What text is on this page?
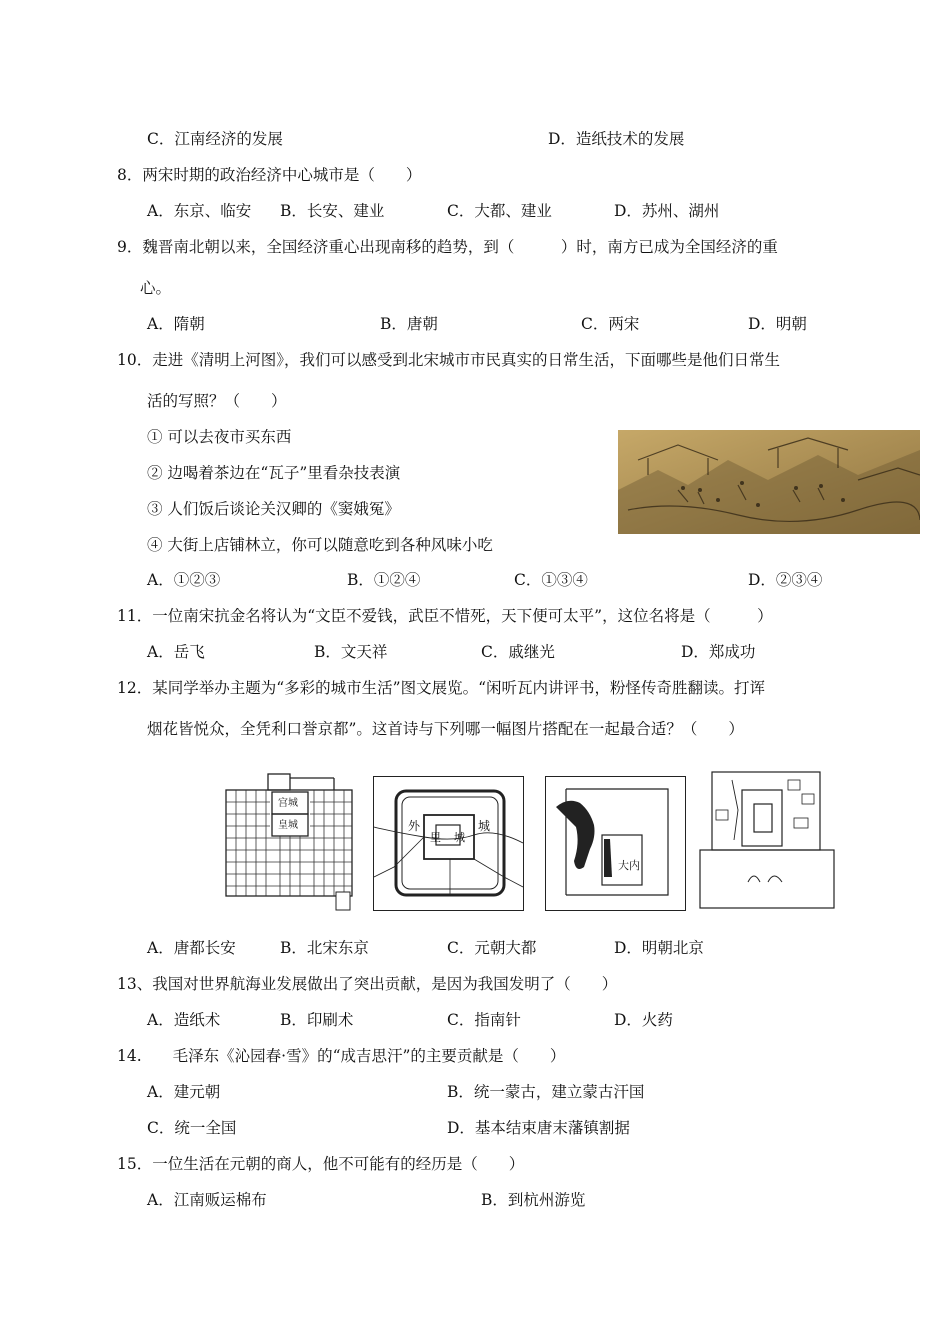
C．江南经济的发展	D．造纸技术的发展
8．两宋时期的政治经济中心城市是（　　）
A．东京、临安 B．长安、建业	C．大都、建业	D．苏州、湖州
9．魏晋南北朝以来，全国经济重心出现南移的趋势，到（　　　）时，南方已成为全国经济的重
心。
A．隋朝	B．唐朝	C．两宋	D．明朝
10．走进《清明上河图》，我们可以感受到北宋城市市民真实的日常生活，下面哪些是他们日常生
活的写照？（　　）
① 可以去夜市买东西
② 边喝着茶边在“瓦子”里看杂技表演
③ 人们饭后谈论关汉卿的《窦娥冤》
④ 大街上店铺林立，你可以随意吃到各种风味小吃
A．①②③	B．①②④	C．①③④	D．②③④
11．一位南宋抗金名将认为“文臣不爱钱，武臣不惜死，天下便可太平”，这位名将是（　　　）
A．岳飞	B．文天祥	C．戚继光	D．郑成功
12．某同学举办主题为“多彩的城市生活”图文展览。“闲听瓦内讲评书，粉怪传奇胜翻读。打诨
烟花皆悦众，全凭利口誉京都”。这首诗与下列哪一幅图片搭配在一起最合适？（　　）
宫城
皇城	外
里 城
城
大内
A．唐都长安	B．北宋东京	C．元朝大都	D．明朝北京
13、我国对世界航海业发展做出了突出贡献，是因为我国发明了（　　）
A．造纸术	B．印刷术	C．指南针	D．火药
14.　　毛泽东《沁园春·雪》的“成吉思汗”的主要贡献是（　　）
A．建元朝	B．统一蒙古，建立蒙古汗国
C．统一全国	D．基本结束唐末藩镇割据
15．一位生活在元朝的商人，他不可能有的经历是（　　）
A．江南贩运棉布	B．到杭州游览
